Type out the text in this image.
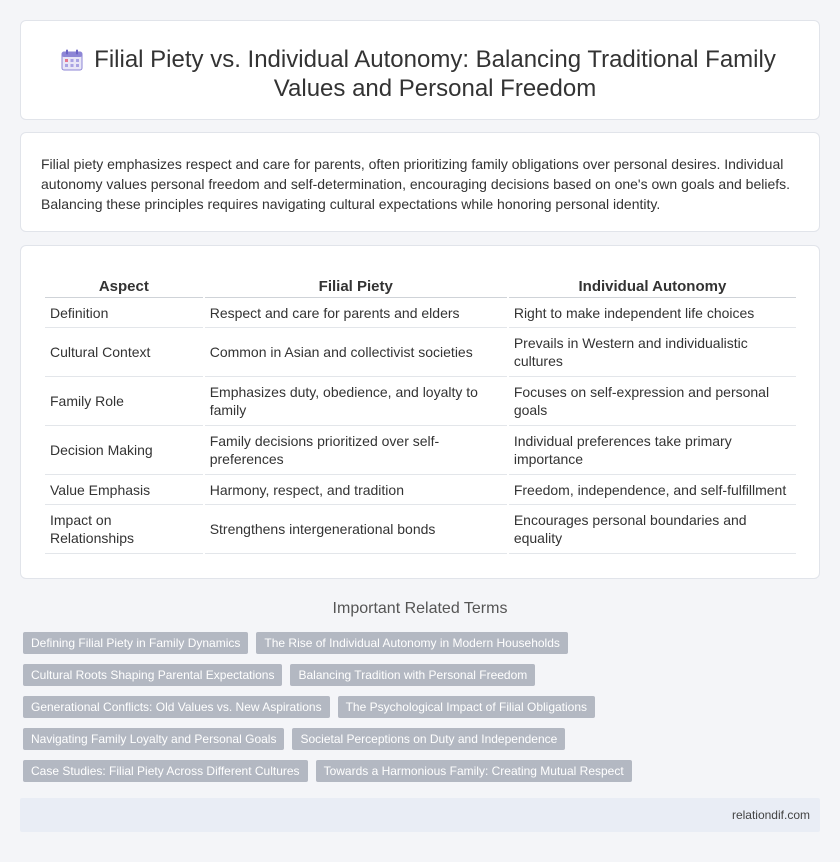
Filial Piety vs. Individual Autonomy: Balancing Traditional Family Values and Personal Freedom

Filial piety emphasizes respect and care for parents, often prioritizing family obligations over personal desires. Individual autonomy values personal freedom and self-determination, encouraging decisions based on one's own goals and beliefs. Balancing these principles requires navigating cultural expectations while honoring personal identity.

Aspect	Filial Piety	Individual Autonomy
Definition	Respect and care for parents and elders	Right to make independent life choices
Cultural Context	Common in Asian and collectivist societies	Prevails in Western and individualistic cultures
Family Role	Emphasizes duty, obedience, and loyalty to family	Focuses on self-expression and personal goals
Decision Making	Family decisions prioritized over self-preferences	Individual preferences take primary importance
Value Emphasis	Harmony, respect, and tradition	Freedom, independence, and self-fulfillment
Impact on Relationships	Strengthens intergenerational bonds	Encourages personal boundaries and equality
Important Related Terms
Defining Filial Piety in Family Dynamics	The Rise of Individual Autonomy in Modern Households
Cultural Roots Shaping Parental Expectations	Balancing Tradition with Personal Freedom
Generational Conflicts: Old Values vs. New Aspirations	The Psychological Impact of Filial Obligations
Navigating Family Loyalty and Personal Goals	Societal Perceptions on Duty and Independence
Case Studies: Filial Piety Across Different Cultures	Towards a Harmonious Family: Creating Mutual Respect
relationdif.com
